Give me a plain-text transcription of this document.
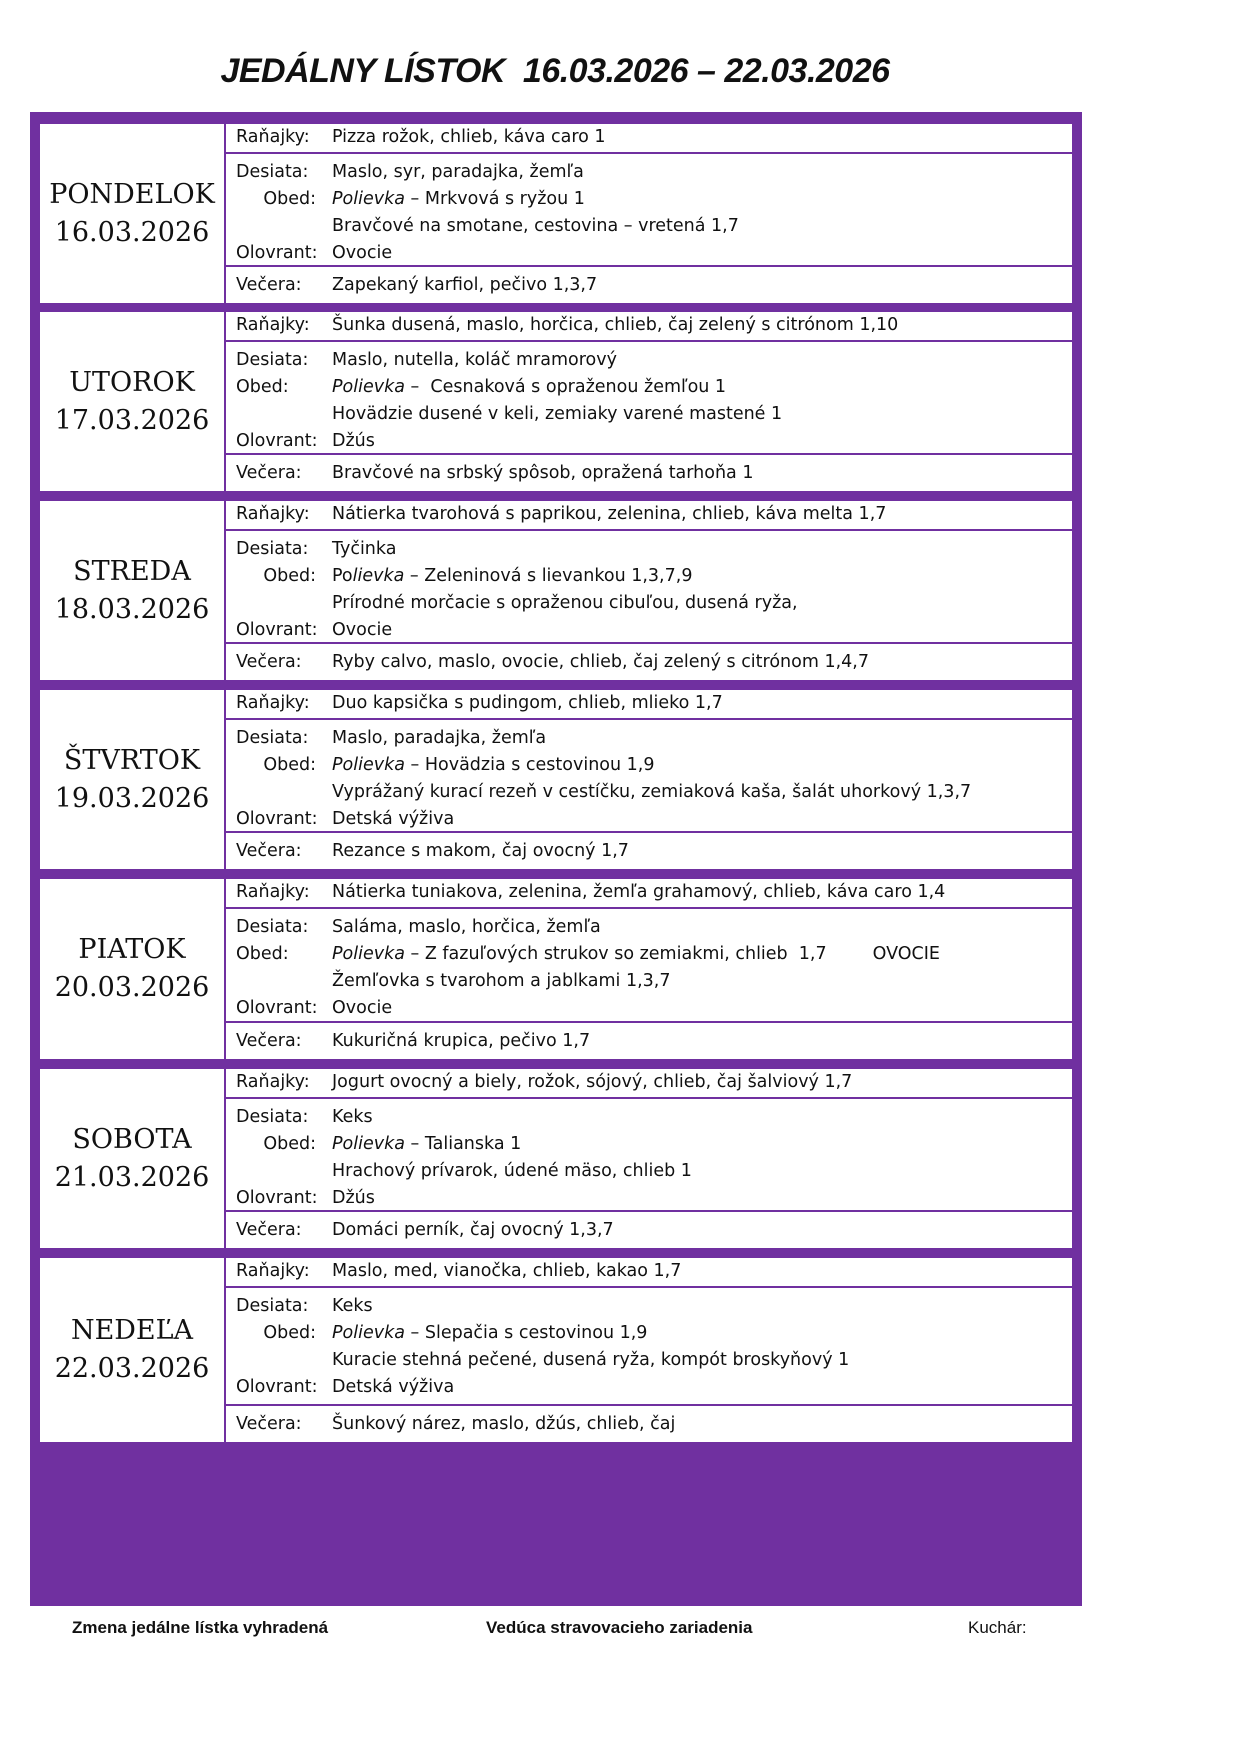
JEDÁLNY LÍSTOK  16.03.2026 – 22.03.2026
PONDELOK
16.03.2026
Raňajky: Pizza rožok, chlieb, káva caro 1
Desiata: Maslo, syr, paradajka, žemľa
Obed: Polievka – Mrkvová s ryžou 1
Bravčové na smotane, cestovina – vretená 1,7
Olovrant: Ovocie
Večera: Zapekaný karfiol, pečivo 1,3,7
UTOROK
17.03.2026
Raňajky: Šunka dusená, maslo, horčica, chlieb, čaj zelený s citrónom 1,10
Desiata: Maslo, nutella, koláč mramorový
Obed: Polievka –  Cesnaková s opraženou žemľou 1
Hovädzie dusené v keli, zemiaky varené mastené 1
Olovrant: Džús
Večera: Bravčové na srbský spôsob, opražená tarhoňa 1
STREDA
18.03.2026
Raňajky: Nátierka tvarohová s paprikou, zelenina, chlieb, káva melta 1,7
Desiata: Tyčinka
Obed: Polievka – Zeleninová s lievankou 1,3,7,9
Prírodné morčacie s opraženou cibuľou, dusená ryža,
Olovrant: Ovocie
Večera: Ryby calvo, maslo, ovocie, chlieb, čaj zelený s citrónom 1,4,7
ŠTVRTOK
19.03.2026
Raňajky: Duo kapsička s pudingom, chlieb, mlieko 1,7
Desiata: Maslo, paradajka, žemľa
Obed: Polievka – Hovädzia s cestovinou 1,9
Vyprážaný kurací rezeň v cestíčku, zemiaková kaša, šalát uhorkový 1,3,7
Olovrant: Detská výživa
Večera: Rezance s makom, čaj ovocný 1,7
PIATOK
20.03.2026
Raňajky: Nátierka tuniakova, zelenina, žemľa grahamový, chlieb, káva caro 1,4
Desiata: Saláma, maslo, horčica, žemľa
Obed: Polievka – Z fazuľových strukov so zemiakmi, chlieb  1,7	OVOCIE
Žemľovka s tvarohom a jablkami 1,3,7
Olovrant: Ovocie
Večera: Kukuričná krupica, pečivo 1,7
SOBOTA
21.03.2026
Raňajky: Jogurt ovocný a biely, rožok, sójový, chlieb, čaj šalviový 1,7
Desiata: Keks
Obed: Polievka – Talianska 1
Hrachový prívarok, údené mäso, chlieb 1
Olovrant: Džús
Večera: Domáci perník, čaj ovocný 1,3,7
NEDEĽA
22.03.2026
Raňajky: Maslo, med, vianočka, chlieb, kakao 1,7
Desiata: Keks
Obed: Polievka – Slepačia s cestovinou 1,9
Kuracie stehná pečené, dusená ryža, kompót broskyňový 1
Olovrant: Detská výživa
Večera: Šunkový nárez, maslo, džús, chlieb, čaj
Zmena jedálne lístka vyhradená	Vedúca stravovacieho zariadenia	Kuchár:
